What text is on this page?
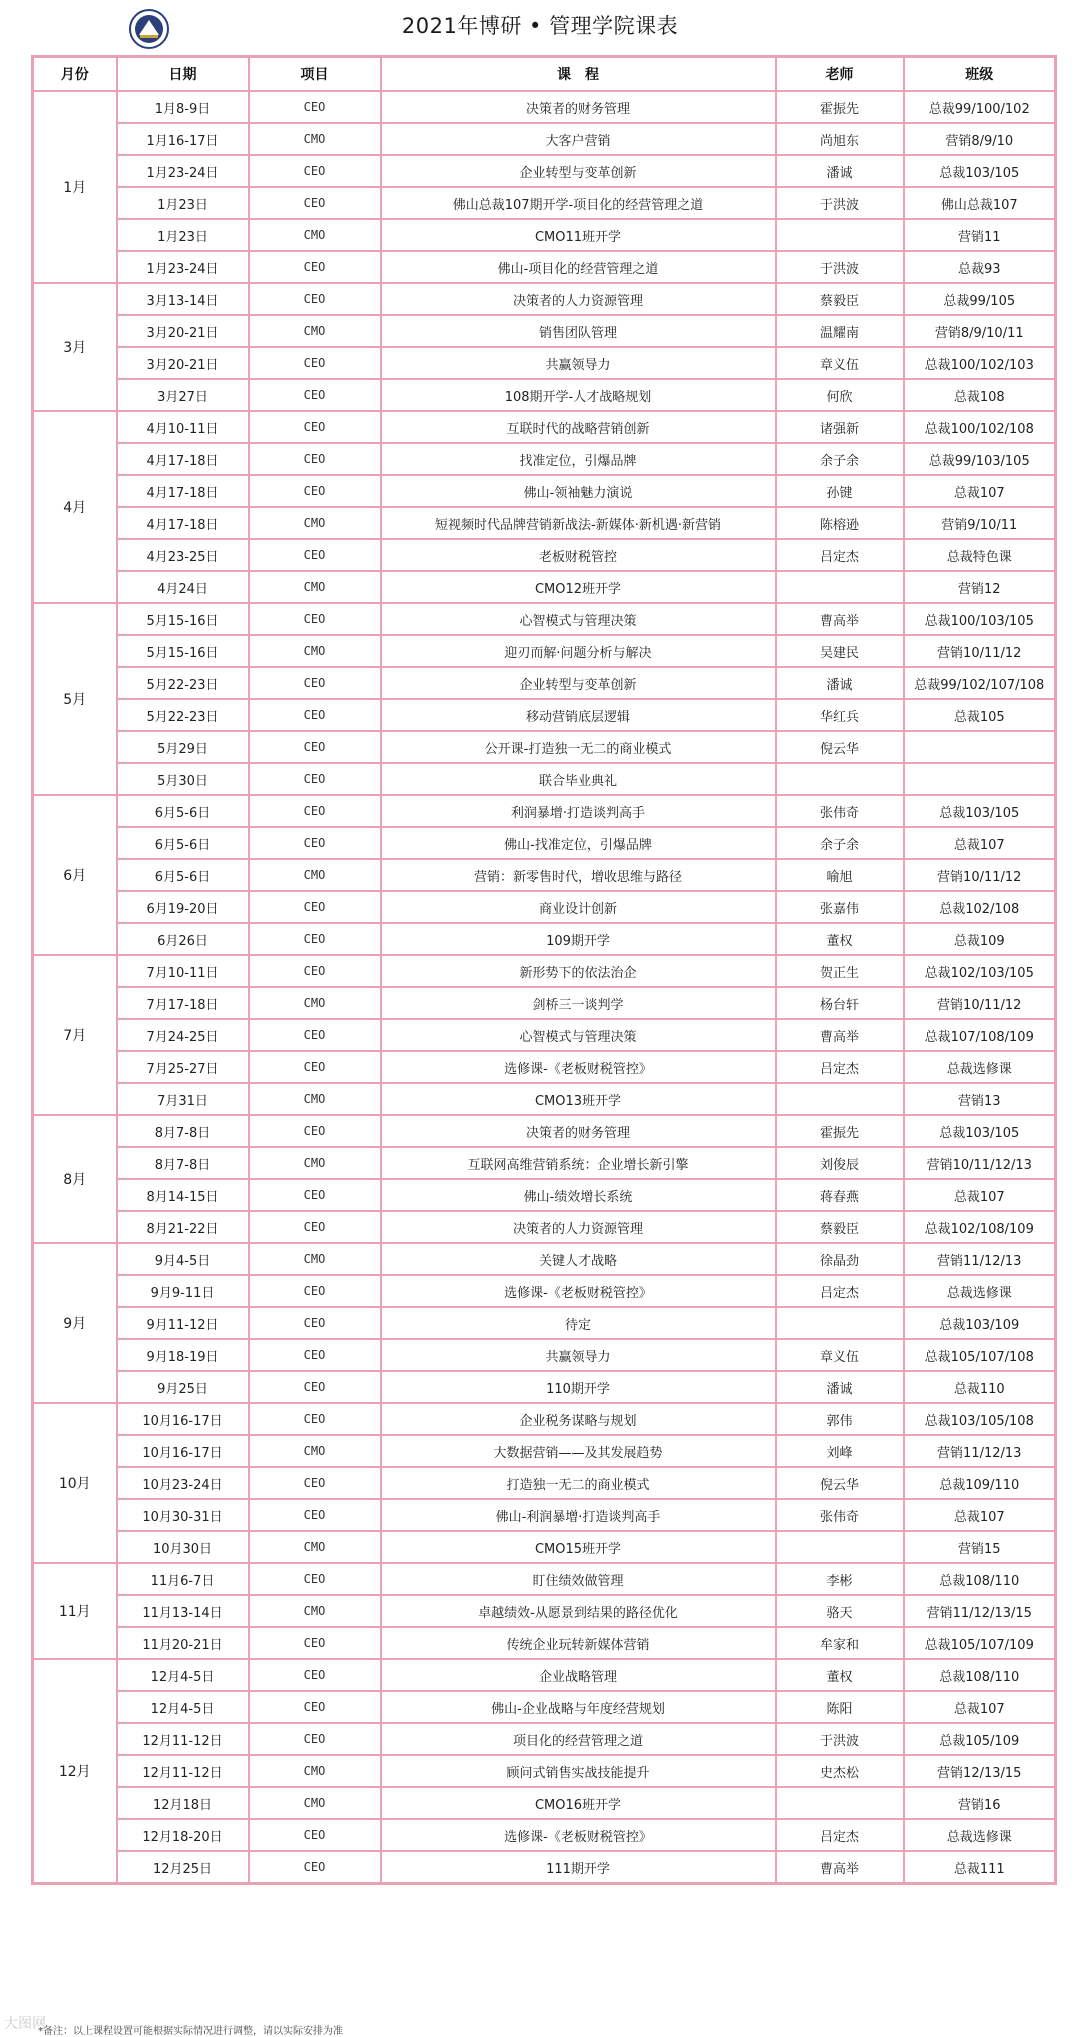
2021年博研 • 管理学院课表
月份	日期	项目	课　程	老师	班级
1月	1月8-9日	CEO	决策者的财务管理	霍振先	总裁99/100/102
	1月16-17日	CMO	大客户营销	尚旭东	营销8/9/10
	1月23-24日	CEO	企业转型与变革创新	潘诚	总裁103/105
	1月23日	CEO	佛山总裁107期开学-项目化的经营管理之道	于洪波	佛山总裁107
	1月23日	CMO	CMO11班开学		营销11
	1月23-24日	CEO	佛山-项目化的经营管理之道	于洪波	总裁93
3月	3月13-14日	CEO	决策者的人力资源管理	蔡毅臣	总裁99/105
	3月20-21日	CMO	销售团队管理	温耀南	营销8/9/10/11
	3月20-21日	CEO	共赢领导力	章义伍	总裁100/102/103
	3月27日	CEO	108期开学-人才战略规划	何欣	总裁108
4月	4月10-11日	CEO	互联时代的战略营销创新	诸强新	总裁100/102/108
	4月17-18日	CEO	找准定位，引爆品牌	余子余	总裁99/103/105
	4月17-18日	CEO	佛山-领袖魅力演说	孙键	总裁107
	4月17-18日	CMO	短视频时代品牌营销新战法-新媒体·新机遇·新营销	陈榕逊	营销9/10/11
	4月23-25日	CEO	老板财税管控	吕定杰	总裁特色课
	4月24日	CMO	CMO12班开学		营销12
5月	5月15-16日	CEO	心智模式与管理决策	曹高举	总裁100/103/105
	5月15-16日	CMO	迎刃而解·问题分析与解决	吴建民	营销10/11/12
	5月22-23日	CEO	企业转型与变革创新	潘诚	总裁99/102/107/108
	5月22-23日	CEO	移动营销底层逻辑	华红兵	总裁105
	5月29日	CEO	公开课-打造独一无二的商业模式	倪云华	
	5月30日	CEO	联合毕业典礼		
6月	6月5-6日	CEO	利润暴增·打造谈判高手	张伟奇	总裁103/105
	6月5-6日	CEO	佛山-找准定位，引爆品牌	余子余	总裁107
	6月5-6日	CMO	营销：新零售时代，增收思维与路径	喻旭	营销10/11/12
	6月19-20日	CEO	商业设计创新	张嘉伟	总裁102/108
	6月26日	CEO	109期开学	董权	总裁109
7月	7月10-11日	CEO	新形势下的依法治企	贺正生	总裁102/103/105
	7月17-18日	CMO	剑桥三一谈判学	杨台轩	营销10/11/12
	7月24-25日	CEO	心智模式与管理决策	曹高举	总裁107/108/109
	7月25-27日	CEO	选修课-《老板财税管控》	吕定杰	总裁选修课
	7月31日	CMO	CMO13班开学		营销13
8月	8月7-8日	CEO	决策者的财务管理	霍振先	总裁103/105
	8月7-8日	CMO	互联网高维营销系统：企业增长新引擎	刘俊辰	营销10/11/12/13
	8月14-15日	CEO	佛山-绩效增长系统	蒋春燕	总裁107
	8月21-22日	CEO	决策者的人力资源管理	蔡毅臣	总裁102/108/109
9月	9月4-5日	CMO	关键人才战略	徐晶劲	营销11/12/13
	9月9-11日	CEO	选修课-《老板财税管控》	吕定杰	总裁选修课
	9月11-12日	CEO	待定		总裁103/109
	9月18-19日	CEO	共赢领导力	章义伍	总裁105/107/108
	9月25日	CEO	110期开学	潘诚	总裁110
10月	10月16-17日	CEO	企业税务谋略与规划	郭伟	总裁103/105/108
	10月16-17日	CMO	大数据营销——及其发展趋势	刘峰	营销11/12/13
	10月23-24日	CEO	打造独一无二的商业模式	倪云华	总裁109/110
	10月30-31日	CEO	佛山-利润暴增·打造谈判高手	张伟奇	总裁107
	10月30日	CMO	CMO15班开学		营销15
11月	11月6-7日	CEO	盯住绩效做管理	李彬	总裁108/110
	11月13-14日	CMO	卓越绩效-从愿景到结果的路径优化	骆天	营销11/12/13/15
	11月20-21日	CEO	传统企业玩转新媒体营销	牟家和	总裁105/107/109
12月	12月4-5日	CEO	企业战略管理	董权	总裁108/110
	12月4-5日	CEO	佛山-企业战略与年度经营规划	陈阳	总裁107
	12月11-12日	CEO	项目化的经营管理之道	于洪波	总裁105/109
	12月11-12日	CMO	顾问式销售实战技能提升	史杰松	营销12/13/15
	12月18日	CMO	CMO16班开学		营销16
	12月18-20日	CEO	选修课-《老板财税管控》	吕定杰	总裁选修课
	12月25日	CEO	111期开学	曹高举	总裁111
大图网
*备注：以上课程设置可能根据实际情况进行调整，请以实际安排为准
